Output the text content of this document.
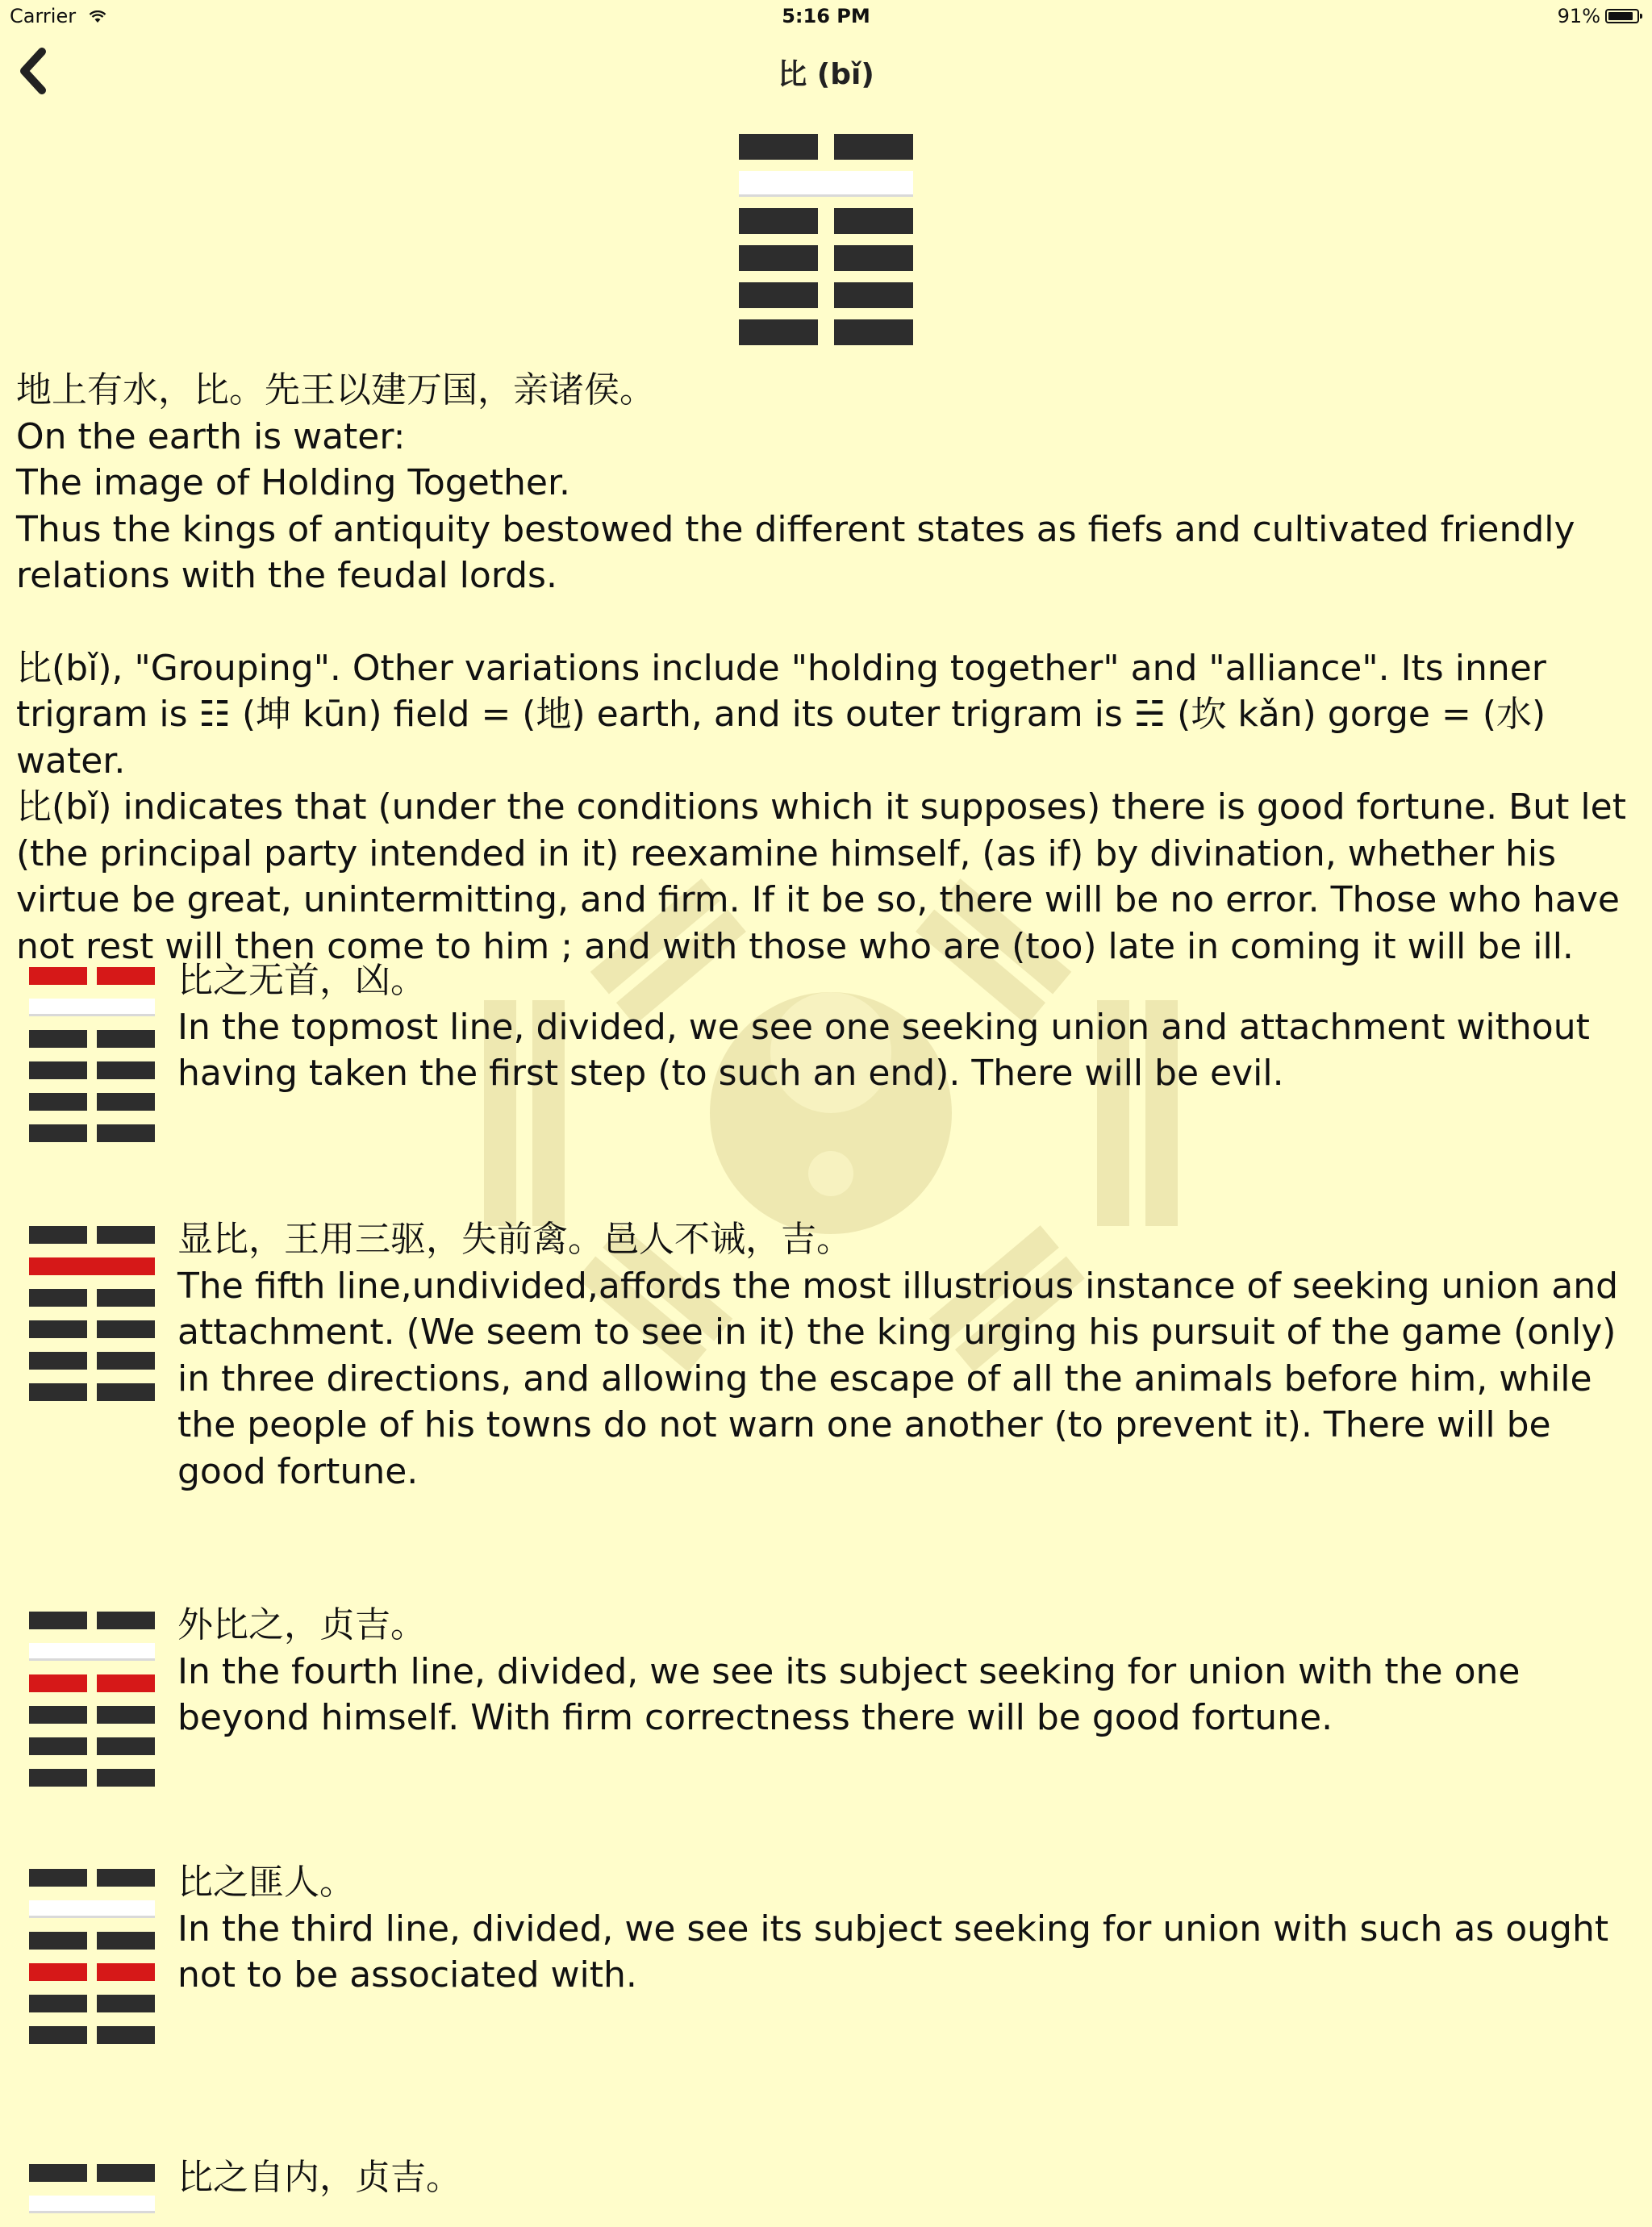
Carrier	5:16 PM	91%
比 (bǐ)

地上有水，比。先王以建万国，亲诸侯。

On the earth is water:

The image of Holding Together.

Thus the kings of antiquity bestowed the different states as fiefs and cultivated friendly relations with the feudal lords.

比(bǐ), "Grouping". Other variations include "holding together" and "alliance". Its inner trigram is ☷ (坤 kūn) field = (地) earth, and its outer trigram is ☵ (坎 kǎn) gorge = (水) water.

比(bǐ) indicates that (under the conditions which it supposes) there is good fortune. But let (the principal party intended in it) reexamine himself, (as if) by divination, whether his virtue be great, unintermitting, and firm. If it be so, there will be no error. Those who have not rest will then come to him ; and with those who are (too) late in coming it will be ill.

比之无首，凶。
In the topmost line, divided, we see one seeking union and attachment without having taken the first step (to such an end). There will be evil.
显比，王用三驱，失前禽。邑人不诫，吉。
The fifth line,undivided,affords the most illustrious instance of seeking union and attachment. (We seem to see in it) the king urging his pursuit of the game (only) in three directions, and allowing the escape of all the animals before him, while the people of his towns do not warn one another (to prevent it). There will be good fortune.
外比之，贞吉。
In the fourth line, divided, we see its subject seeking for union with the one beyond himself. With firm correctness there will be good fortune.
比之匪人。
In the third line, divided, we see its subject seeking for union with such as ought not to be associated with.
比之自内，贞吉。
